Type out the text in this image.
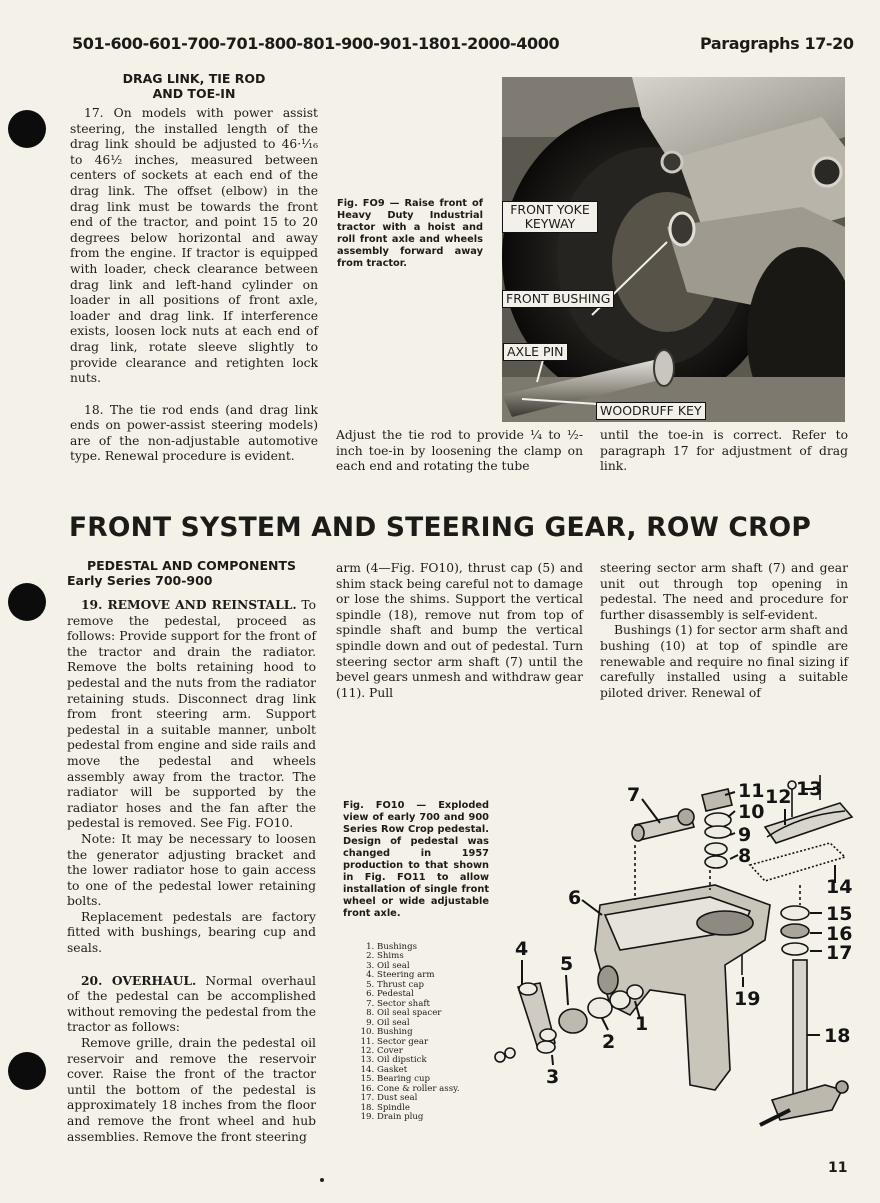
501-600-601-700-701-800-801-900-901-1801-2000-4000	Paragraphs 17-20
DRAG LINK, TIE ROD
AND TOE-IN

17. On models with power assist steering, the installed length of the drag link should be adjusted to 46·¹⁄₁₆ to 46½ inches, measured between centers of sockets at each end of the drag link. The offset (elbow) in the drag link must be towards the front end of the tractor, and point 15 to 20 degrees below horizontal and away from the engine. If tractor is equipped with loader, check clearance between drag link and left-hand cylinder on loader in all positions of front axle, loader and drag link. If interference exists, loosen lock nuts at each end of drag link, rotate sleeve slightly to provide clearance and retighten lock nuts.

18. The tie rod ends (and drag link ends on power-assist steering models) are of the non-adjustable automotive type. Renewal procedure is evident.

Fig. FO9 — Raise front of Heavy Duty Industrial tractor with a hoist and roll front axle and wheels assembly forward away from tractor.
FRONT YOKE KEYWAY
FRONT BUSHING
AXLE PIN
WOODRUFF KEY

Adjust the tie rod to provide ¼ to ½-inch toe-in by loosening the clamp on each end and rotating the tube

until the toe-in is correct. Refer to paragraph 17 for adjustment of drag link.

FRONT SYSTEM AND STEERING GEAR, ROW CROP
PEDESTAL AND COMPONENTS
Early Series 700-900

19. REMOVE AND REINSTALL. To remove the pedestal, proceed as follows: Provide support for the front of the tractor and drain the radiator. Remove the bolts retaining hood to pedestal and the nuts from the radiator retaining studs. Disconnect drag link from front steering arm. Support pedestal in a suitable manner, unbolt pedestal from engine and side rails and move the pedestal and wheels assembly away from the tractor. The radiator will be supported by the radiator hoses and the fan after the pedestal is removed. See Fig. FO10.

Note: It may be necessary to loosen the generator adjusting bracket and the lower radiator hose to gain access to one of the pedestal lower retaining bolts.

Replacement pedestals are factory fitted with bushings, bearing cup and seals.

20. OVERHAUL. Normal overhaul of the pedestal can be accomplished without removing the pedestal from the tractor as follows:

Remove grille, drain the pedestal oil reservoir and remove the reservoir cover. Raise the front of the tractor until the bottom of the pedestal is approximately 18 inches from the floor and remove the front wheel and hub assemblies. Remove the front steering

arm (4—Fig. FO10), thrust cap (5) and shim stack being careful not to damage or lose the shims. Support the vertical spindle (18), remove nut from top of spindle shaft and bump the vertical spindle down and out of pedestal. Turn steering sector arm shaft (7) until the bevel gears unmesh and withdraw gear (11). Pull

steering sector arm shaft (7) and gear unit out through top opening in pedestal. The need and procedure for further disassembly is self-evident.

Bushings (1) for sector arm shaft and bushing (10) at top of spindle are renewable and require no final sizing if carefully installed using a suitable piloted driver. Renewal of

Fig. FO10 — Exploded view of early 700 and 900 Series Row Crop pedestal. Design of pedestal was changed in 1957 production to that shown in Fig. FO11 to allow installation of single front wheel or wide adjustable front axle.
1. Bushings
2. Shims
3. Oil seal
4. Steering arm
5. Thrust cap
6. Pedestal
7. Sector shaft
8. Oil seal spacer
9. Oil seal
10. Bushing
11. Sector gear
12. Cover
13. Oil dipstick
14. Gasket
15. Bearing cup
16. Cone & roller assy.
17. Dust seal
18. Spindle
19. Drain plug
1
2
3
4
5
6
7
8
9
10
11 12 13
14
15
16
17
18
19
11
